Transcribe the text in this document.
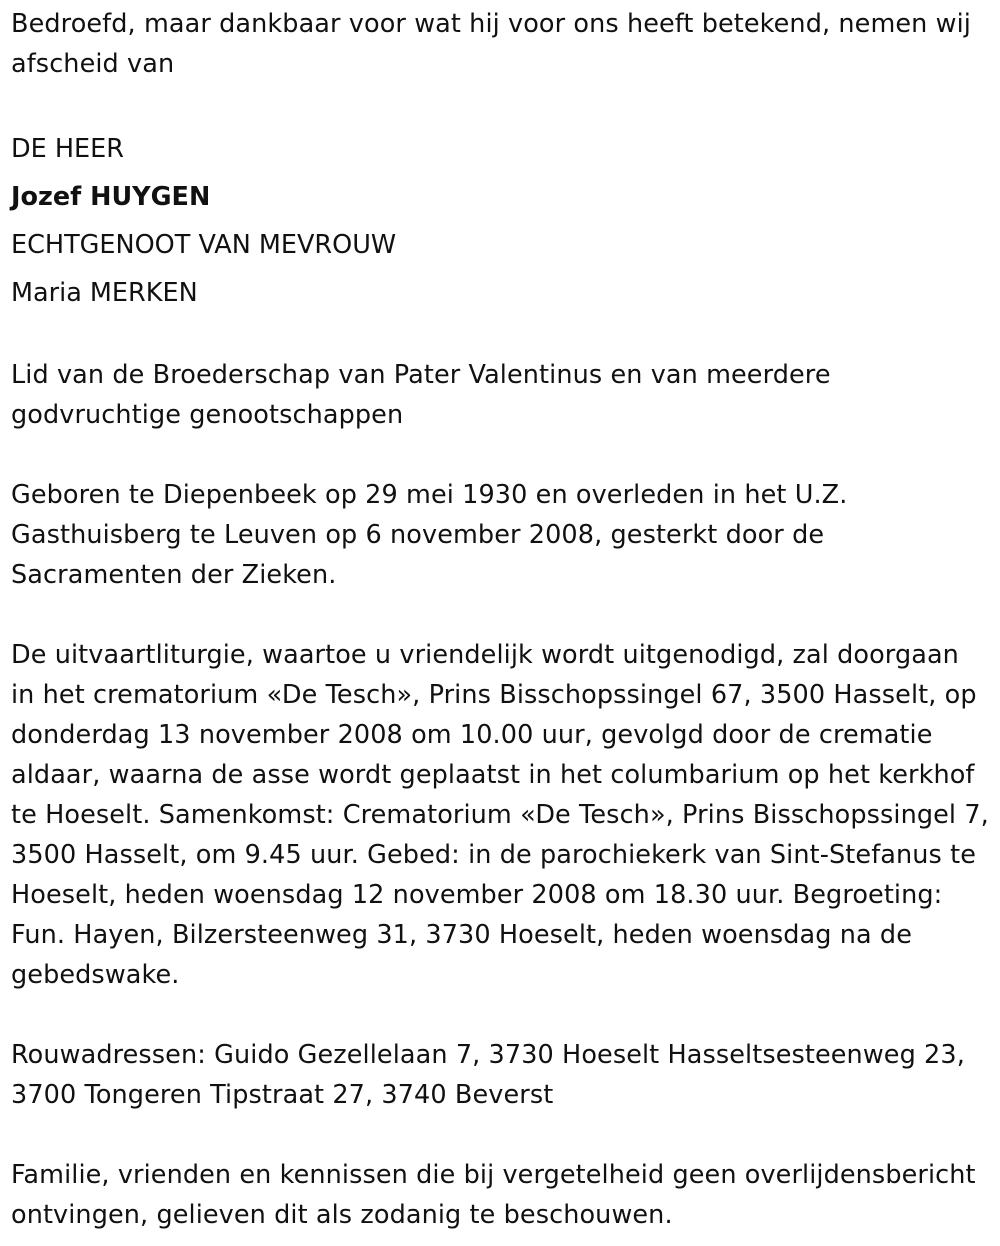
Bedroefd, maar dankbaar voor wat hij voor ons heeft betekend, nemen wij afscheid van

DE HEER

Jozef HUYGEN

ECHTGENOOT VAN MEVROUW

Maria MERKEN

Lid van de Broederschap van Pater Valentinus en van meerdere godvruchtige genootschappen

Geboren te Diepenbeek op 29 mei 1930 en overleden in het U.Z. Gasthuisberg te Leuven op 6 november 2008, gesterkt door de Sacramenten der Zieken.

De uitvaartliturgie, waartoe u vriendelijk wordt uitgenodigd, zal doorgaan in het crematorium «De Tesch», Prins Bisschopssingel 67, 3500 Hasselt, op donderdag 13 november 2008 om 10.00 uur, gevolgd door de crematie aldaar, waarna de asse wordt geplaatst in het columbarium op het kerkhof te Hoeselt. Samenkomst: Crematorium «De Tesch», Prins Bisschopssingel 7, 3500 Hasselt, om 9.45 uur. Gebed: in de parochiekerk van Sint-Stefanus te Hoeselt, heden woensdag 12 november 2008 om 18.30 uur. Begroeting: Fun. Hayen, Bilzersteenweg 31, 3730 Hoeselt, heden woensdag na de gebedswake.

Rouwadressen: Guido Gezellelaan 7, 3730 Hoeselt Hasseltsesteenweg 23, 3700 Tongeren Tipstraat 27, 3740 Beverst

Familie, vrienden en kennissen die bij vergetelheid geen overlijdensbericht ontvingen, gelieven dit als zodanig te beschouwen.
